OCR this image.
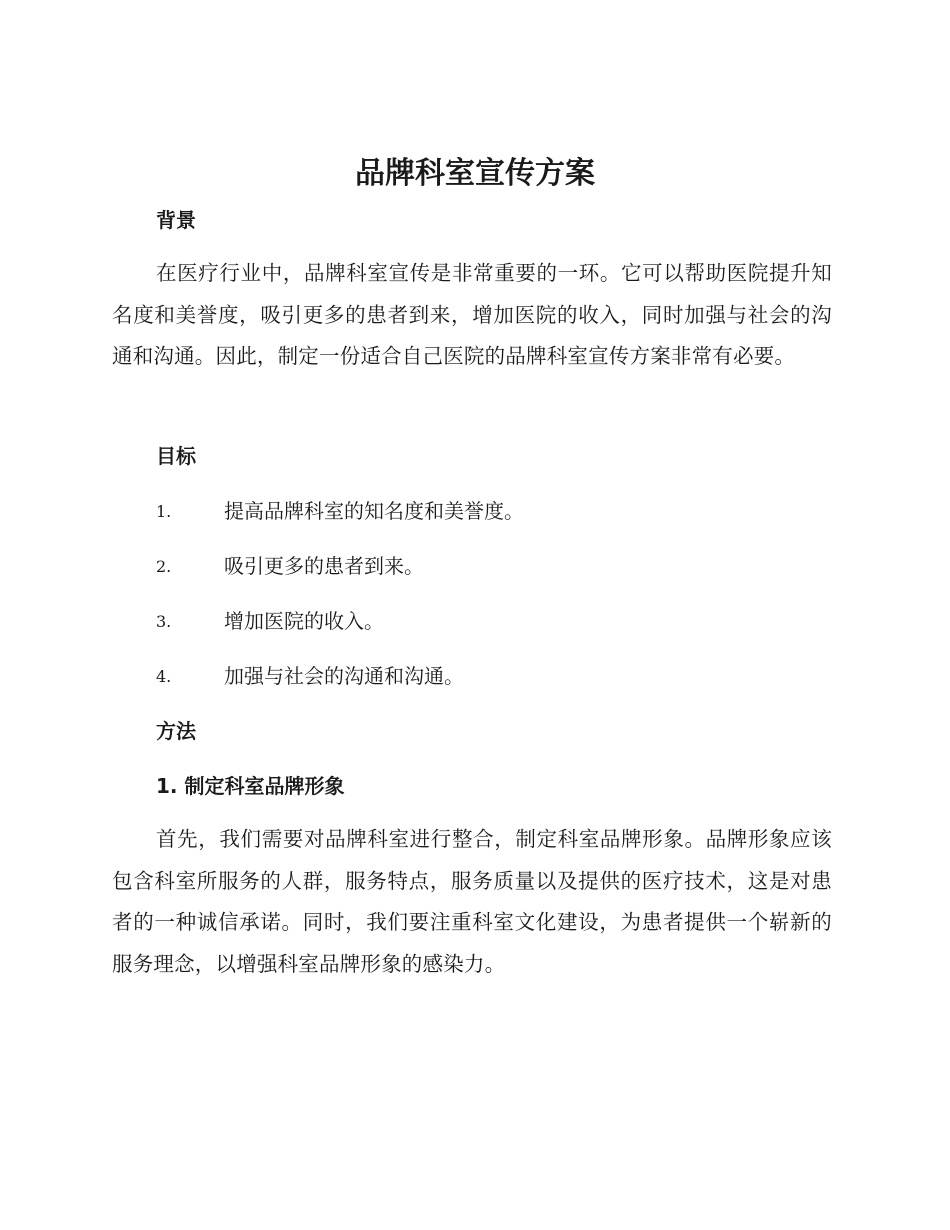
品牌科室宣传方案
背景

在医疗行业中，品牌科室宣传是非常重要的一环。它可以帮助医院提升知名度和美誉度，吸引更多的患者到来，增加医院的收入，同时加强与社会的沟通和沟通。因此，制定一份适合自己医院的品牌科室宣传方案非常有必要。

目标
1.	提高品牌科室的知名度和美誉度。
2.	吸引更多的患者到来。
3.	增加医院的收入。
4.	加强与社会的沟通和沟通。
方法
1. 制定科室品牌形象

首先，我们需要对品牌科室进行整合，制定科室品牌形象。品牌形象应该包含科室所服务的人群，服务特点，服务质量以及提供的医疗技术，这是对患者的一种诚信承诺。同时，我们要注重科室文化建设，为患者提供一个崭新的服务理念，以增强科室品牌形象的感染力。
